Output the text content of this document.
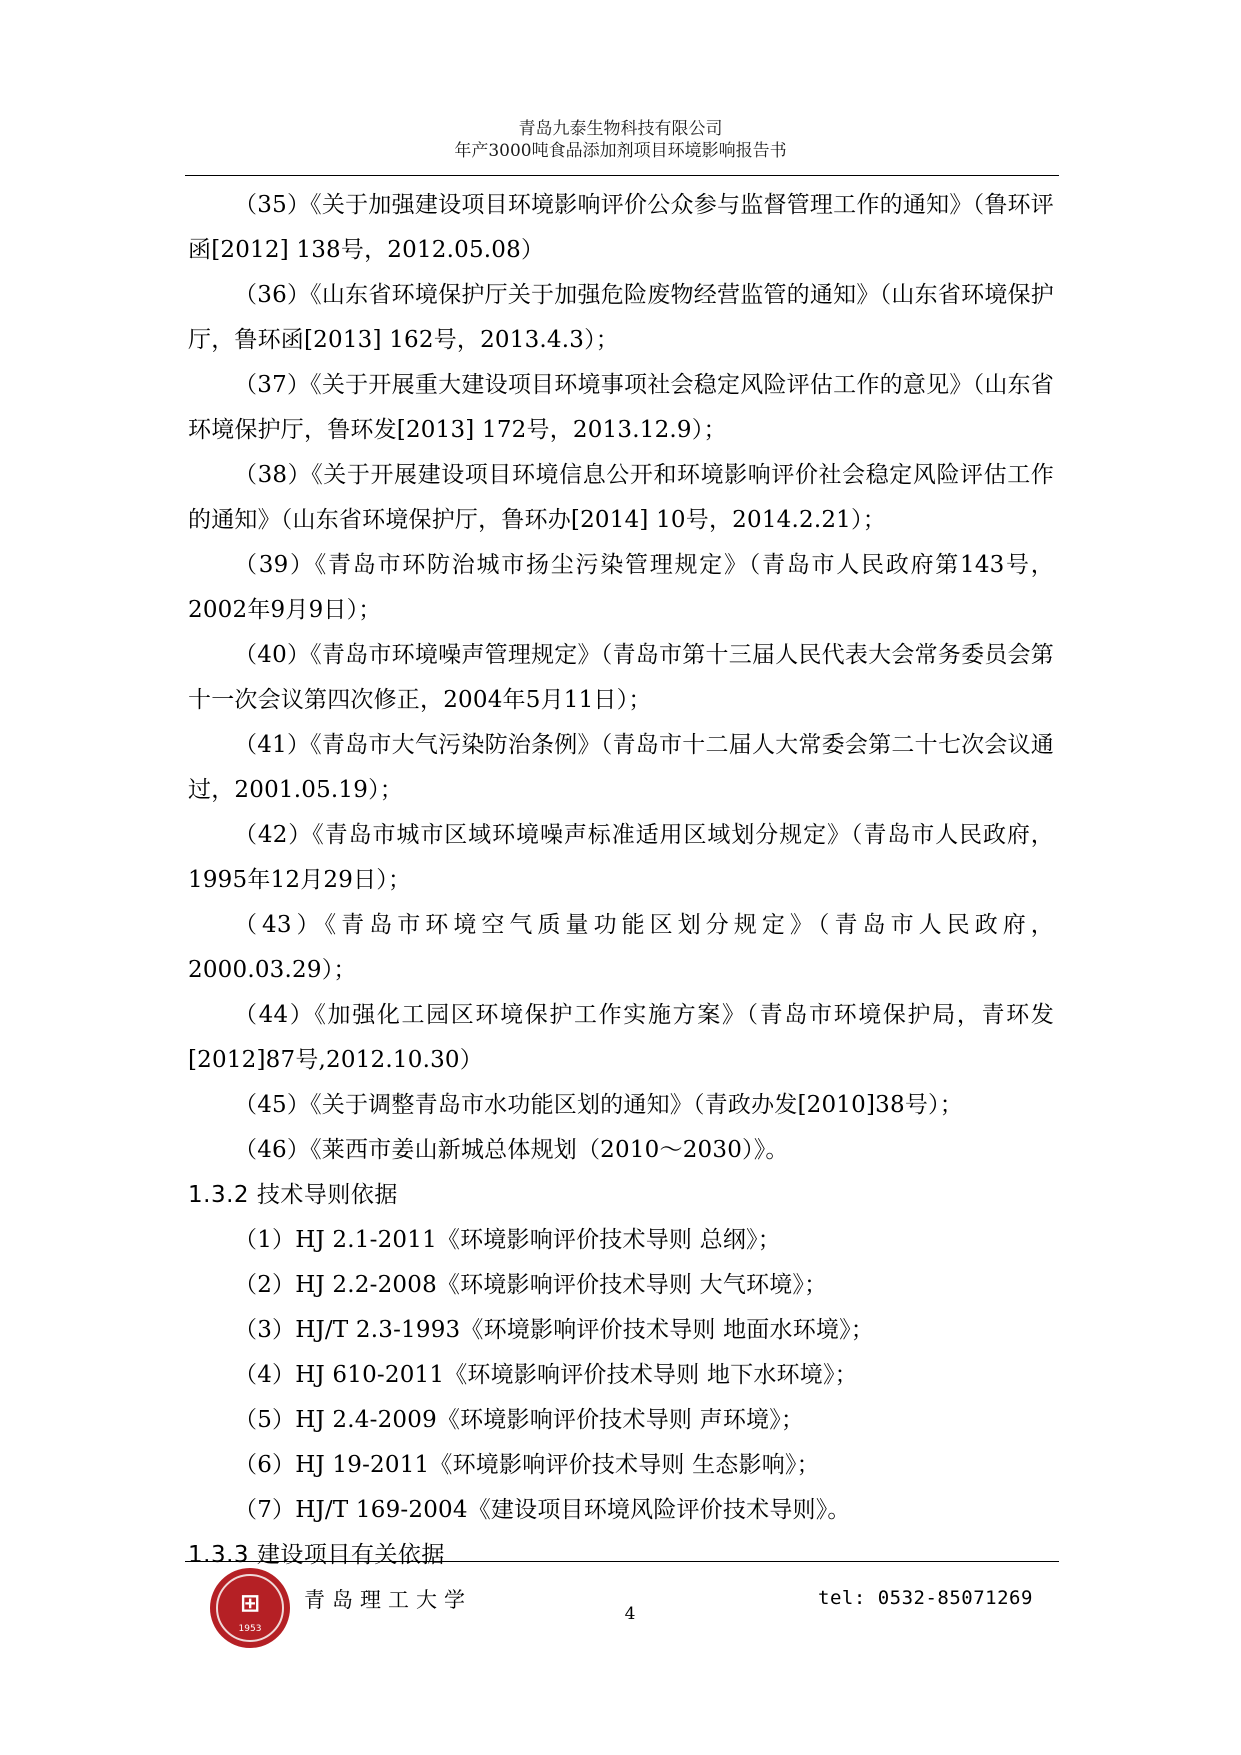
青岛九泰生物科技有限公司
年产3000吨食品添加剂项目环境影响报告书
（35）《关于加强建设项目环境影响评价公众参与监督管理工作的通知》（鲁环评函[2012] 138号，2012.05.08）
（36）《山东省环境保护厅关于加强危险废物经营监管的通知》（山东省环境保护厅，鲁环函[2013] 162号，2013.4.3）；
（37）《关于开展重大建设项目环境事项社会稳定风险评估工作的意见》（山东省环境保护厅，鲁环发[2013] 172号，2013.12.9）；
（38）《关于开展建设项目环境信息公开和环境影响评价社会稳定风险评估工作的通知》（山东省环境保护厅，鲁环办[2014] 10号，2014.2.21）；
（39）《青岛市环防治城市扬尘污染管理规定》（青岛市人民政府第143号，2002年9月9日）；
（40）《青岛市环境噪声管理规定》（青岛市第十三届人民代表大会常务委员会第十一次会议第四次修正，2004年5月11日）；
（41）《青岛市大气污染防治条例》（青岛市十二届人大常委会第二十七次会议通过，2001.05.19）；
（42）《青岛市城市区域环境噪声标准适用区域划分规定》（青岛市人民政府，1995年12月29日）；
（43）《青岛市环境空气质量功能区划分规定》（青岛市人民政府，2000.03.29）；
（44）《加强化工园区环境保护工作实施方案》（青岛市环境保护局，青环发[2012]87号,2012.10.30）
（45）《关于调整青岛市水功能区划的通知》（青政办发[2010]38号）；
（46）《莱西市姜山新城总体规划（2010～2030）》。
1.3.2 技术导则依据
（1）HJ 2.1-2011《环境影响评价技术导则 总纲》；
（2）HJ 2.2-2008《环境影响评价技术导则 大气环境》；
（3）HJ/T 2.3-1993《环境影响评价技术导则 地面水环境》；
（4）HJ 610-2011《环境影响评价技术导则 地下水环境》；
（5）HJ 2.4-2009《环境影响评价技术导则 声环境》；
（6）HJ 19-2011《环境影响评价技术导则 生态影响》；
（7）HJ/T 169-2004《建设项目环境风险评价技术导则》。
1.3.3 建设项目有关依据
⊞
1953
青岛理工大学	tel: 0532-85071269
4
